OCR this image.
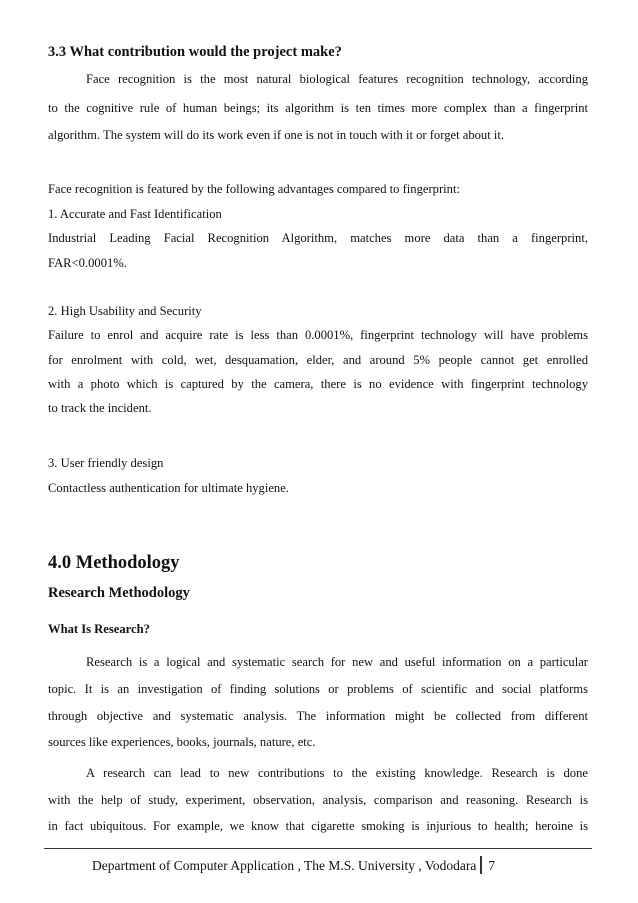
3.3 What contribution would the project make?
Face recognition is the most natural biological features recognition technology, according
to the cognitive rule of human beings; its algorithm is ten times more complex than a fingerprint
algorithm. The system will do its work even if one is not in touch with it or forget about it.
Face recognition is featured by the following advantages compared to fingerprint:
1. Accurate and Fast Identification
Industrial Leading Facial Recognition Algorithm, matches more data than a fingerprint,
FAR<0.0001%.
2. High Usability and Security
Failure to enrol and acquire rate is less than 0.0001%, fingerprint technology will have problems
for enrolment with cold, wet, desquamation, elder, and around 5% people cannot get enrolled
with a photo which is captured by the camera, there is no evidence with fingerprint technology
to track the incident.
3. User friendly design
Contactless authentication for ultimate hygiene.
4.0 Methodology
Research Methodology
What Is Research?
Research is a logical and systematic search for new and useful information on a particular
topic. It is an investigation of finding solutions or problems of scientific and social platforms
through objective and systematic analysis. The information might be collected from different
sources like experiences, books, journals, nature, etc.
A research can lead to new contributions to the existing knowledge. Research is done
with the help of study, experiment, observation, analysis, comparison and reasoning. Research is
in fact ubiquitous. For example, we know that cigarette smoking is injurious to health; heroine is
Department of Computer Application , The M.S. University , Vododara 7
